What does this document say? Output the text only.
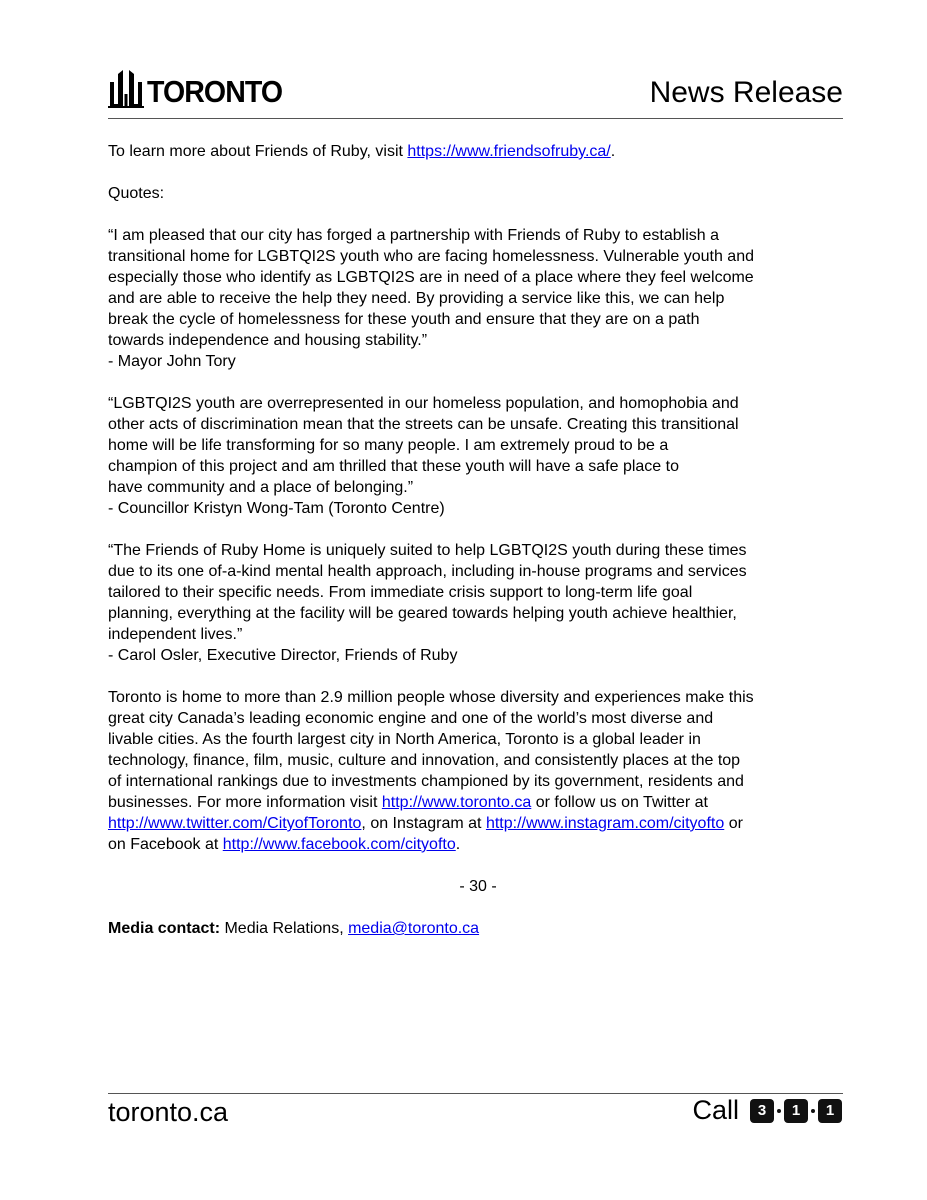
TORONTO	News Release

To learn more about Friends of Ruby, visit https://www.friendsofruby.ca/.

Quotes:

“I am pleased that our city has forged a partnership with Friends of Ruby to establish a
transitional home for LGBTQI2S youth who are facing homelessness. Vulnerable youth and
especially those who identify as LGBTQI2S are in need of a place where they feel welcome
and are able to receive the help they need. By providing a service like this, we can help
break the cycle of homelessness for these youth and ensure that they are on a path
towards independence and housing stability.”
- Mayor John Tory

“LGBTQI2S youth are overrepresented in our homeless population, and homophobia and
other acts of discrimination mean that the streets can be unsafe. Creating this transitional
home will be life transforming for so many people. I am extremely proud to be a
champion of this project and am thrilled that these youth will have a safe place to
have community and a place of belonging.”
- Councillor Kristyn Wong-Tam (Toronto Centre)

“The Friends of Ruby Home is uniquely suited to help LGBTQI2S youth during these times
due to its one of-a-kind mental health approach, including in-house programs and services
tailored to their specific needs. From immediate crisis support to long-term life goal
planning, everything at the facility will be geared towards helping youth achieve healthier,
independent lives.”
- Carol Osler, Executive Director, Friends of Ruby

Toronto is home to more than 2.9 million people whose diversity and experiences make this
great city Canada’s leading economic engine and one of the world’s most diverse and
livable cities. As the fourth largest city in North America, Toronto is a global leader in
technology, finance, film, music, culture and innovation, and consistently places at the top
of international rankings due to investments championed by its government, residents and
businesses. For more information visit http://www.toronto.ca or follow us on Twitter at
http://www.twitter.com/CityofToronto, on Instagram at http://www.instagram.com/cityofto or
on Facebook at http://www.facebook.com/cityofto.

- 30 -

Media contact: Media Relations, media@toronto.ca

toronto.ca	Call	3	1	1
